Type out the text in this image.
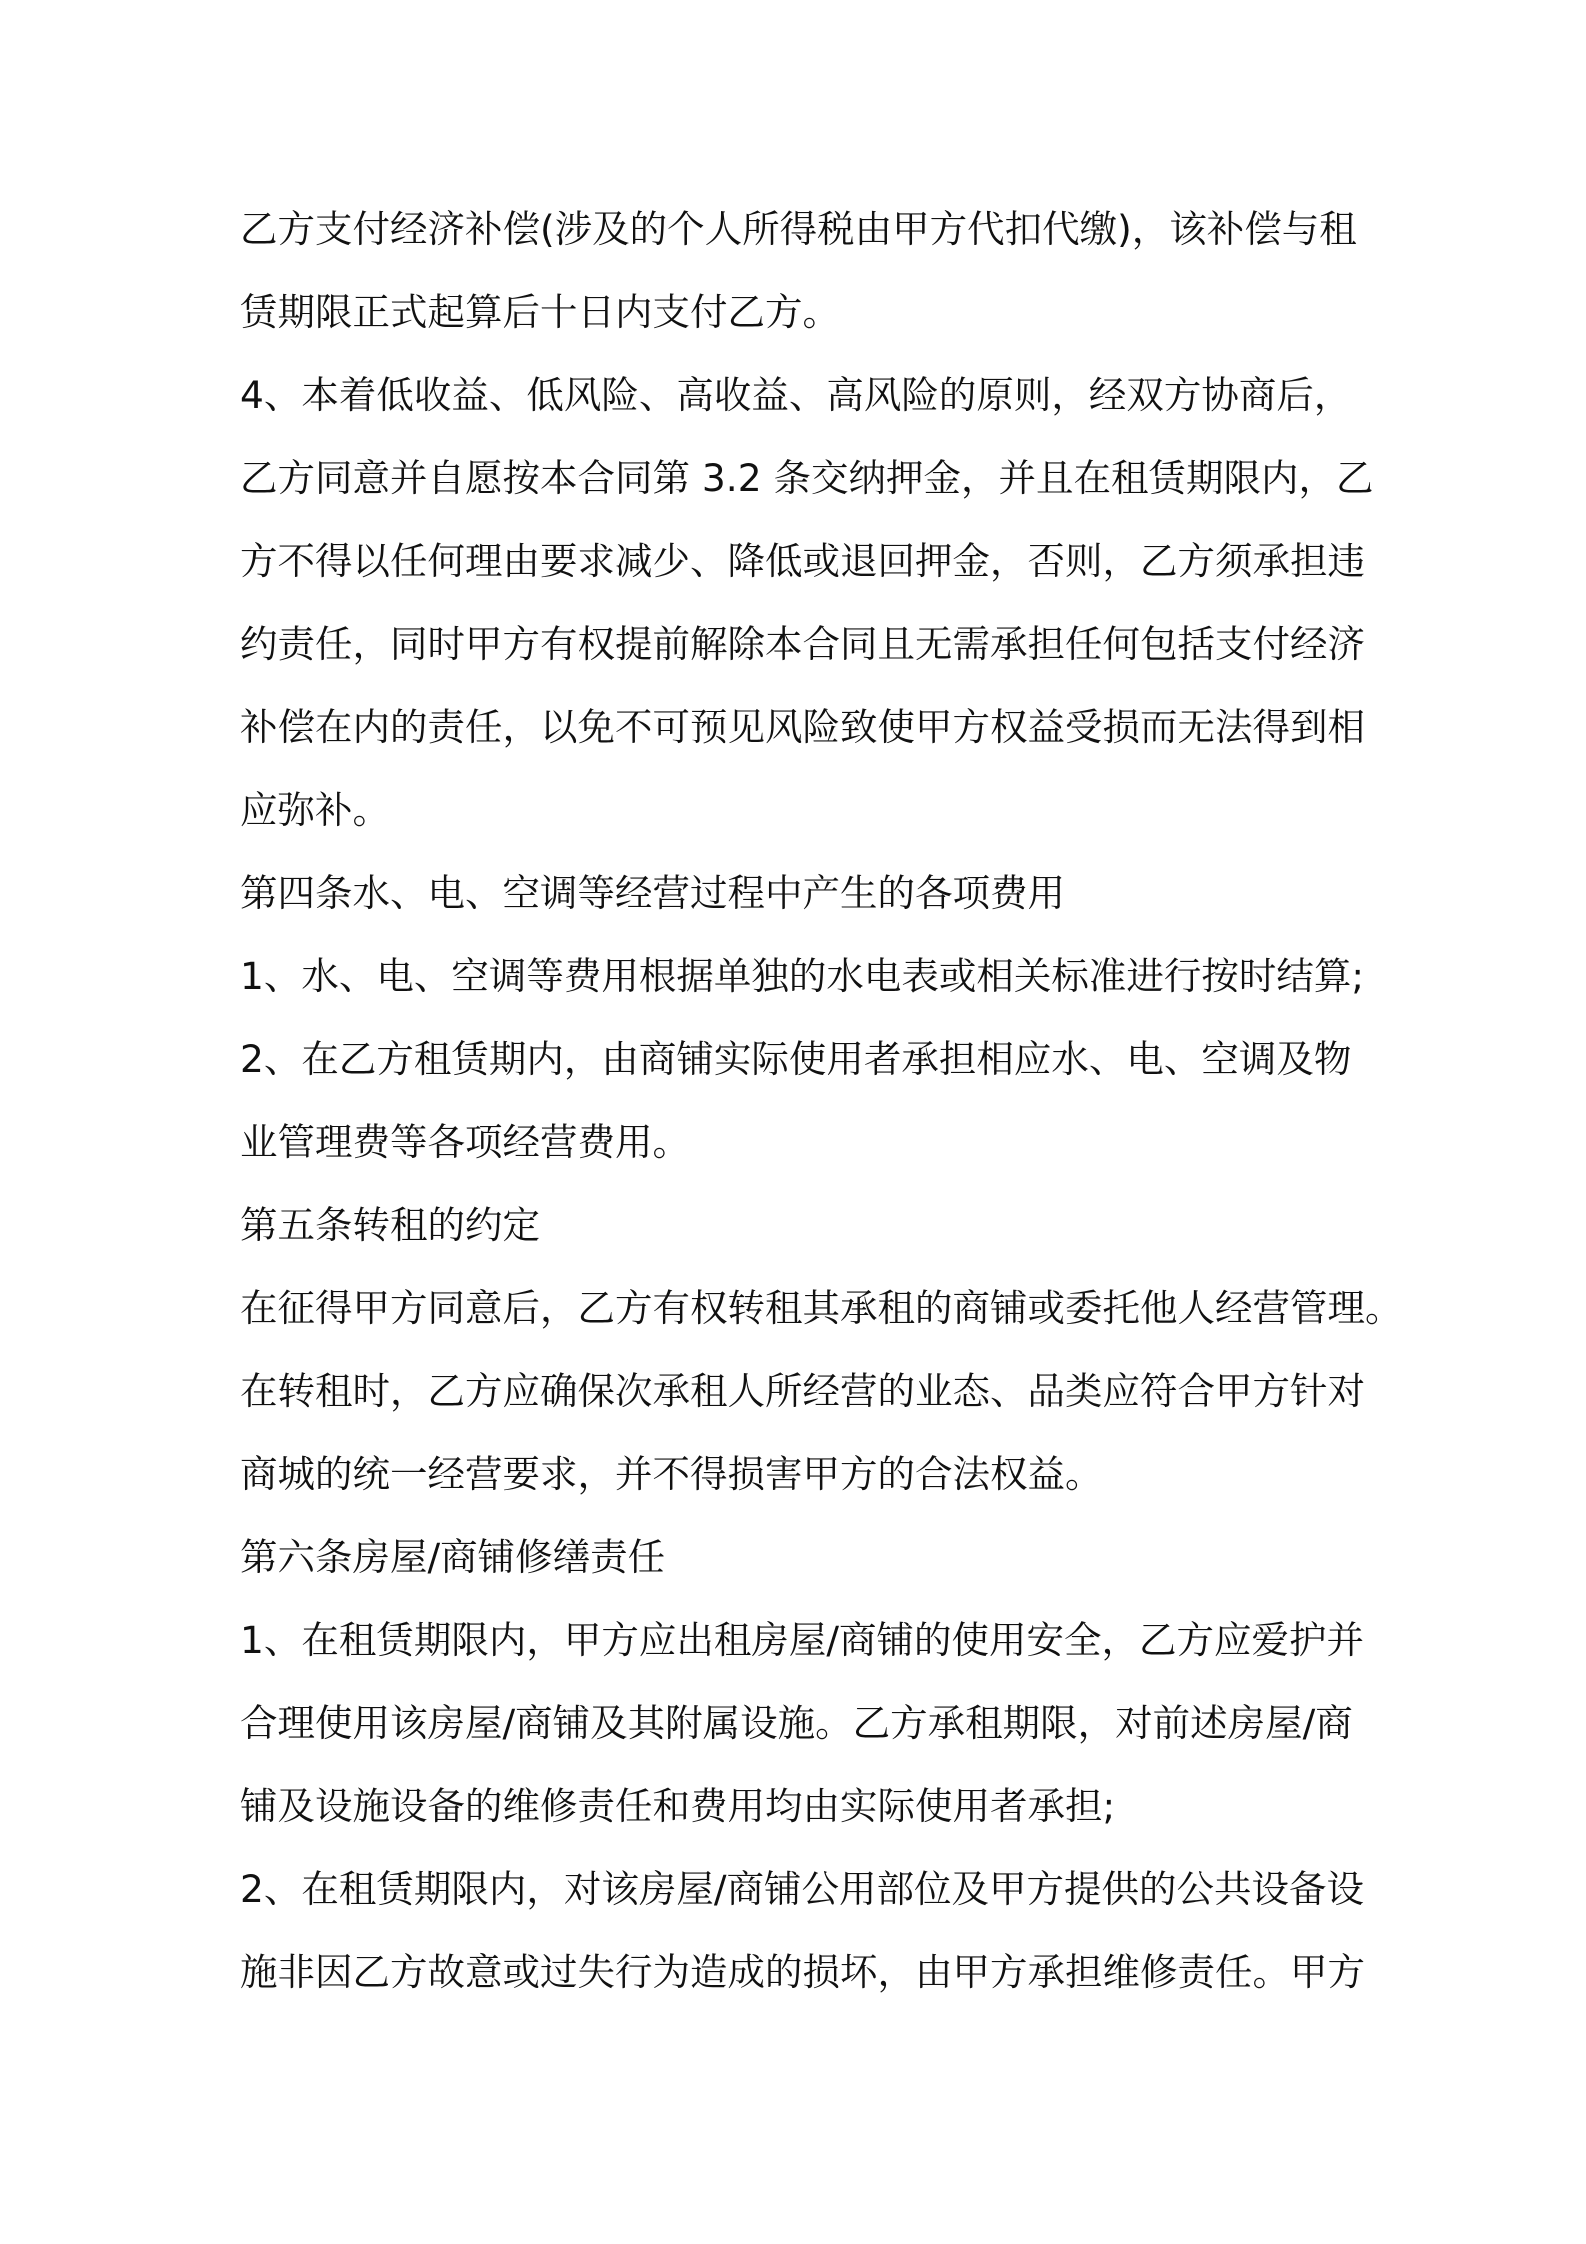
乙方支付经济补偿(涉及的个人所得税由甲方代扣代缴)，该补偿与租
赁期限正式起算后十日内支付乙方。
4、本着低收益、低风险、高收益、高风险的原则，经双方协商后，
乙方同意并自愿按本合同第 3.2 条交纳押金，并且在租赁期限内，乙
方不得以任何理由要求减少、降低或退回押金，否则，乙方须承担违
约责任，同时甲方有权提前解除本合同且无需承担任何包括支付经济
补偿在内的责任，以免不可预见风险致使甲方权益受损而无法得到相
应弥补。
第四条水、电、空调等经营过程中产生的各项费用
1、水、电、空调等费用根据单独的水电表或相关标准进行按时结算;
2、在乙方租赁期内，由商铺实际使用者承担相应水、电、空调及物
业管理费等各项经营费用。
第五条转租的约定
在征得甲方同意后，乙方有权转租其承租的商铺或委托他人经营管理。
在转租时，乙方应确保次承租人所经营的业态、品类应符合甲方针对
商城的统一经营要求，并不得损害甲方的合法权益。
第六条房屋/商铺修缮责任
1、在租赁期限内，甲方应出租房屋/商铺的使用安全，乙方应爱护并
合理使用该房屋/商铺及其附属设施。乙方承租期限，对前述房屋/商
铺及设施设备的维修责任和费用均由实际使用者承担;
2、在租赁期限内，对该房屋/商铺公用部位及甲方提供的公共设备设
施非因乙方故意或过失行为造成的损坏，由甲方承担维修责任。甲方
